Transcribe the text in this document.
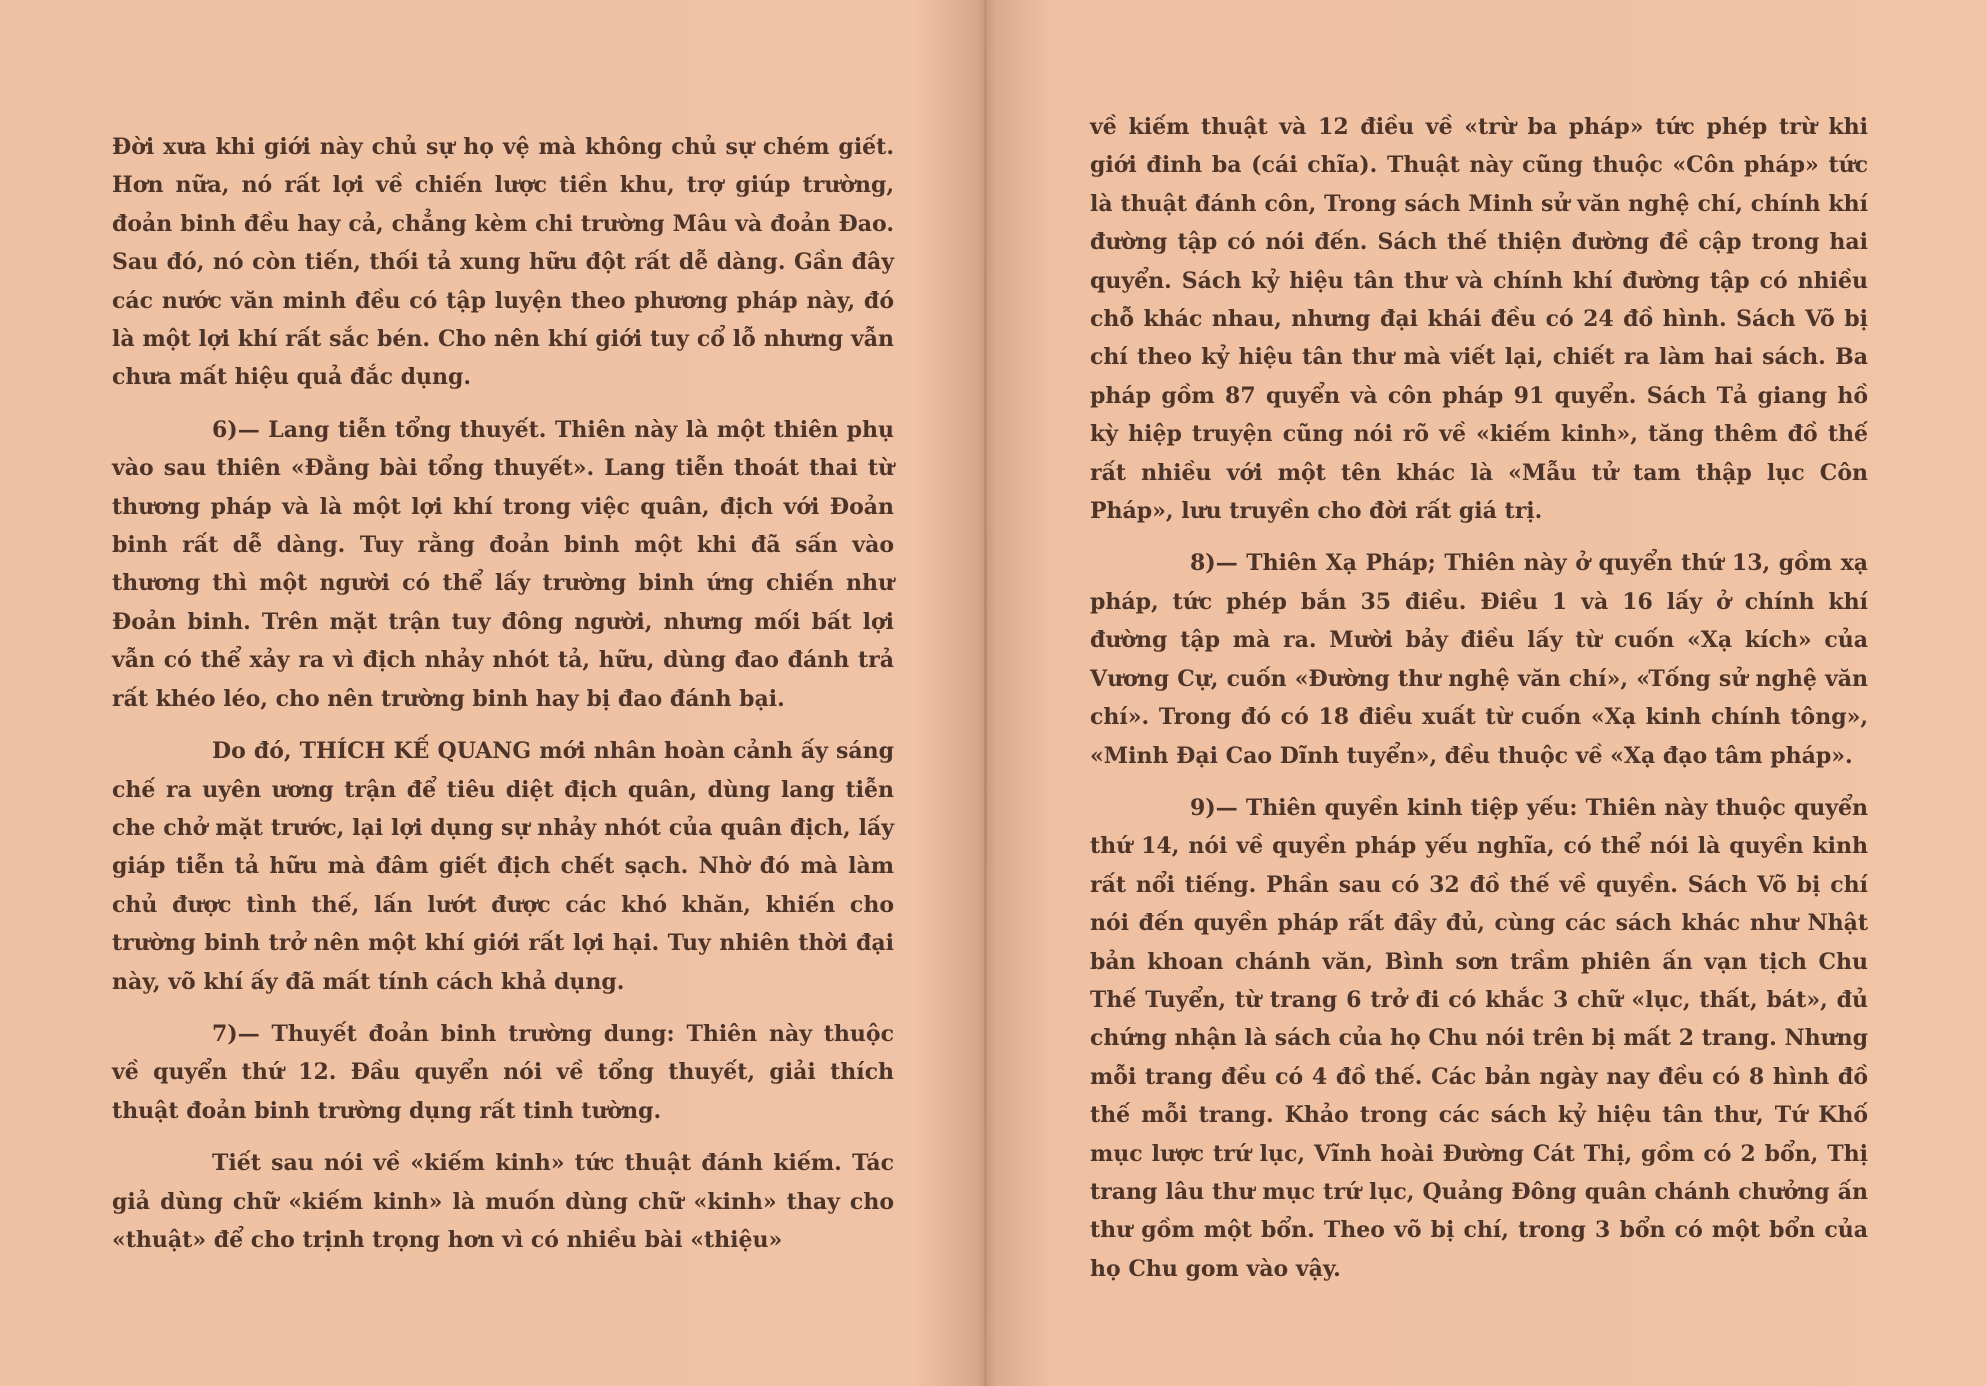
Đời xưa khi giới này chủ sự họ vệ mà không chủ sự chém giết. Hơn nữa, nó rất lợi về chiến lược tiền khu, trợ giúp trường, đoản binh đều hay cả, chẳng kèm chi trường Mâu và đoản Đao. Sau đó, nó còn tiến, thối tả xung hữu đột rất dễ dàng. Gần đây các nước văn minh đều có tập luyện theo phương pháp này, đó là một lợi khí rất sắc bén. Cho nên khí giới tuy cổ lỗ nhưng vẫn chưa mất hiệu quả đắc dụng.

6)— Lang tiễn tổng thuyết. Thiên này là một thiên phụ vào sau thiên «Đằng bài tổng thuyết». Lang tiễn thoát thai từ thương pháp và là một lợi khí trong việc quân, địch với Đoản binh rất dễ dàng. Tuy rằng đoản binh một khi đã sấn vào thương thì một người có thể lấy trường binh ứng chiến như Đoản binh. Trên mặt trận tuy đông người, nhưng mối bất lợi vẫn có thể xảy ra vì địch nhảy nhót tả, hữu, dùng đao đánh trả rất khéo léo, cho nên trường binh hay bị đao đánh bại.

Do đó, THÍCH KẾ QUANG mới nhân hoàn cảnh ấy sáng chế ra uyên ương trận để tiêu diệt địch quân, dùng lang tiễn che chở mặt trước, lại lợi dụng sự nhảy nhót của quân địch, lấy giáp tiễn tả hữu mà đâm giết địch chết sạch. Nhờ đó mà làm chủ được tình thế, lấn lướt được các khó khăn, khiến cho trường binh trở nên một khí giới rất lợi hại. Tuy nhiên thời đại này, võ khí ấy đã mất tính cách khả dụng.

7)— Thuyết đoản binh trường dung: Thiên này thuộc về quyển thứ 12. Đầu quyển nói về tổng thuyết, giải thích thuật đoản binh trường dụng rất tinh tường.

Tiết sau nói về «kiếm kinh» tức thuật đánh kiếm. Tác giả dùng chữ «kiếm kinh» là muốn dùng chữ «kinh» thay cho «thuật» để cho trịnh trọng hơn vì có nhiều bài «thiệu»

về kiếm thuật và 12 điều về «trừ ba pháp» tức phép trừ khi giới đinh ba (cái chĩa). Thuật này cũng thuộc «Côn pháp» tức là thuật đánh côn, Trong sách Minh sử văn nghệ chí, chính khí đường tập có nói đến. Sách thế thiện đường đề cập trong hai quyển. Sách kỷ hiệu tân thư và chính khí đường tập có nhiều chỗ khác nhau, nhưng đại khái đều có 24 đồ hình. Sách Võ bị chí theo kỷ hiệu tân thư mà viết lại, chiết ra làm hai sách. Ba pháp gồm 87 quyển và côn pháp 91 quyển. Sách Tả giang hồ kỳ hiệp truyện cũng nói rõ về «kiếm kinh», tăng thêm đồ thế rất nhiều với một tên khác là «Mẫu tử tam thập lục Côn Pháp», lưu truyền cho đời rất giá trị.

8)— Thiên Xạ Pháp; Thiên này ở quyển thứ 13, gồm xạ pháp, tức phép bắn 35 điều. Điều 1 và 16 lấy ở chính khí đường tập mà ra. Mười bảy điều lấy từ cuốn «Xạ kích» của Vương Cự, cuốn «Đường thư nghệ văn chí», «Tống sử nghệ văn chí». Trong đó có 18 điều xuất từ cuốn «Xạ kinh chính tông», «Minh Đại Cao Dĩnh tuyển», đều thuộc về «Xạ đạo tâm pháp».

9)— Thiên quyền kinh tiệp yếu: Thiên này thuộc quyển thứ 14, nói về quyền pháp yếu nghĩa, có thể nói là quyền kinh rất nổi tiếng. Phần sau có 32 đồ thế về quyền. Sách Võ bị chí nói đến quyền pháp rất đầy đủ, cùng các sách khác như Nhật bản khoan chánh văn, Bình sơn trầm phiên ấn vạn tịch Chu Thế Tuyển, từ trang 6 trở đi có khắc 3 chữ «lục, thất, bát», đủ chứng nhận là sách của họ Chu nói trên bị mất 2 trang. Nhưng mỗi trang đều có 4 đồ thế. Các bản ngày nay đều có 8 hình đồ thế mỗi trang. Khảo trong các sách kỷ hiệu tân thư, Tứ Khố mục lược trứ lục, Vĩnh hoài Đường Cát Thị, gồm có 2 bổn, Thị trang lâu thư mục trứ lục, Quảng Đông quân chánh chưởng ấn thư gồm một bổn. Theo võ bị chí, trong 3 bổn có một bổn của họ Chu gom vào vậy.
